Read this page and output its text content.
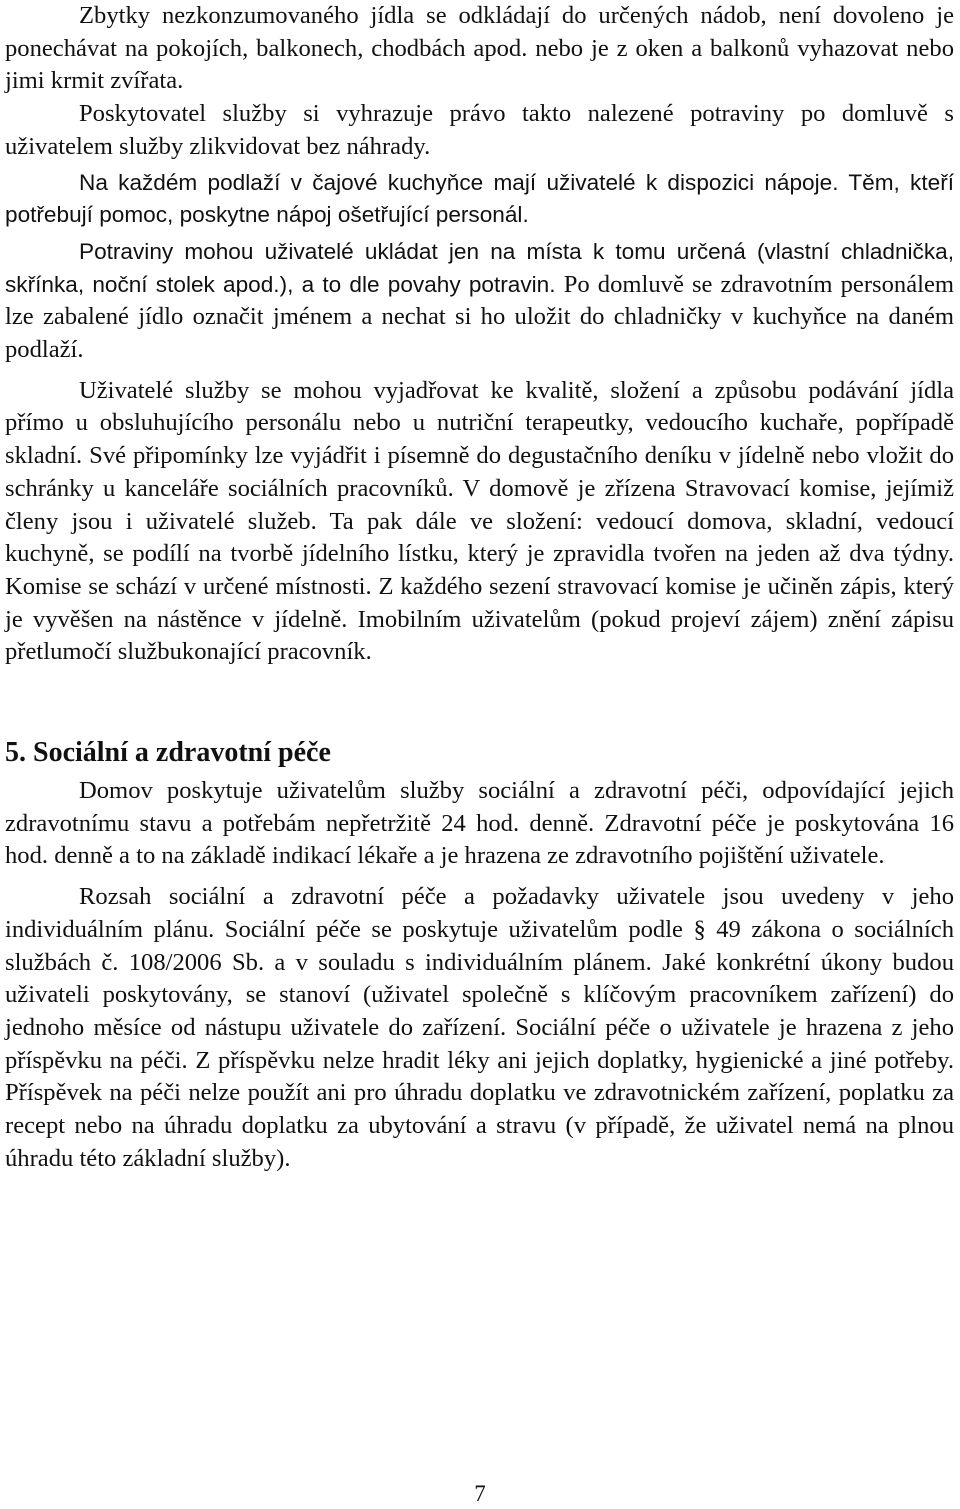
Zbytky nezkonzumovaného jídla se odkládají do určených nádob, není dovoleno je ponechávat na pokojích, balkonech, chodbách apod. nebo je z oken a balkonů vyhazovat nebo jimi krmit zvířata.

Poskytovatel služby si vyhrazuje právo takto nalezené potraviny po domluvě s uživatelem služby zlikvidovat bez náhrady.

Na každém podlaží v čajové kuchyňce mají uživatelé k dispozici nápoje. Těm, kteří potřebují pomoc, poskytne nápoj ošetřující personál.

Potraviny mohou uživatelé ukládat jen na místa k tomu určená (vlastní chladnička, skřínka, noční stolek apod.), a to dle povahy potravin. Po domluvě se zdravotním personálem lze zabalené jídlo označit jménem a nechat si ho uložit do chladničky v kuchyňce na daném podlaží.

Uživatelé služby se mohou vyjadřovat ke kvalitě, složení a způsobu podávání jídla přímo u obsluhujícího personálu nebo u nutriční terapeutky, vedoucího kuchaře, popřípadě skladní. Své připomínky lze vyjádřit i písemně do degustačního deníku v jídelně nebo vložit do schránky u kanceláře sociálních pracovníků. V domově je zřízena Stravovací komise, jejímiž členy jsou i uživatelé služeb. Ta pak dále ve složení: vedoucí domova, skladní, vedoucí kuchyně, se podílí na tvorbě jídelního lístku, který je zpravidla tvořen na jeden až dva týdny. Komise se schází v určené místnosti. Z každého sezení stravovací komise je učiněn zápis, který je vyvěšen na nástěnce v jídelně. Imobilním uživatelům (pokud projeví zájem) znění zápisu přetlumočí službukonající pracovník.

5. Sociální a zdravotní péče

Domov poskytuje uživatelům služby sociální a zdravotní péči, odpovídající jejich zdravotnímu stavu a potřebám nepřetržitě 24 hod. denně. Zdravotní péče je poskytována 16 hod. denně a to na základě indikací lékaře a je hrazena ze zdravotního pojištění uživatele.

Rozsah sociální a zdravotní péče a požadavky uživatele jsou uvedeny v jeho individuálním plánu. Sociální péče se poskytuje uživatelům podle § 49 zákona o sociálních službách č. 108/2006 Sb. a v souladu s individuálním plánem. Jaké konkrétní úkony budou uživateli poskytovány, se stanoví (uživatel společně s klíčovým pracovníkem zařízení) do jednoho měsíce od nástupu uživatele do zařízení. Sociální péče o uživatele je hrazena z jeho příspěvku na péči. Z příspěvku nelze hradit léky ani jejich doplatky, hygienické a jiné potřeby. Příspěvek na péči nelze použít ani pro úhradu doplatku ve zdravotnickém zařízení, poplatku za recept nebo na úhradu doplatku za ubytování a stravu (v případě, že uživatel nemá na plnou úhradu této základní služby).

7
